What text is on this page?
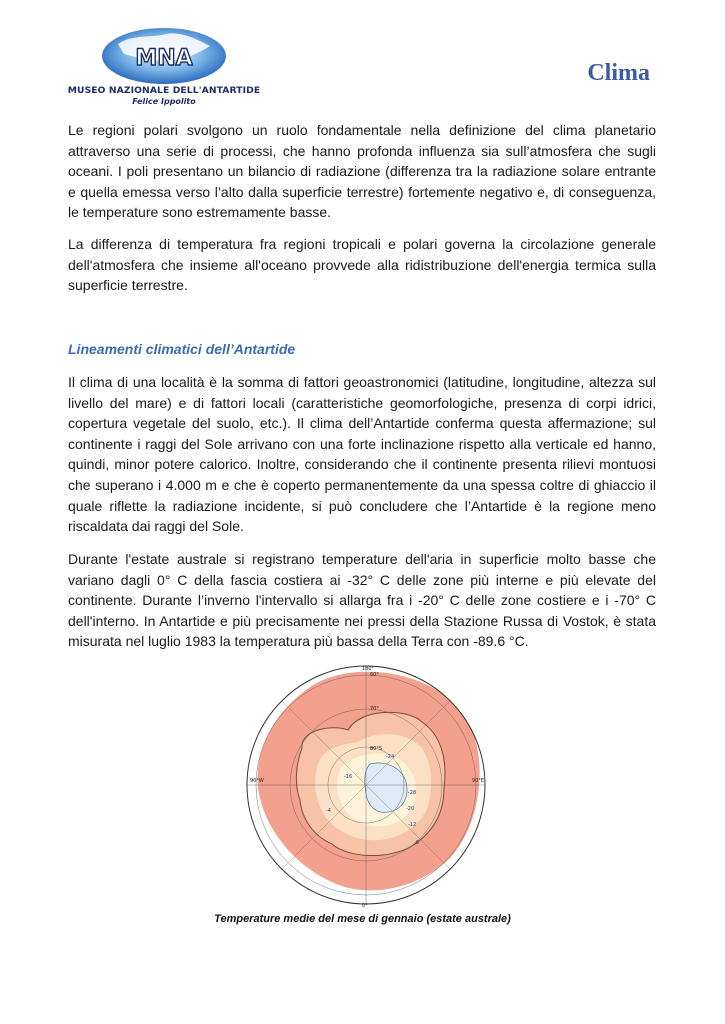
MNA
MUSEO NAZIONALE DELL'ANTARTIDE
Felice Ippolito
Clima

Le regioni polari svolgono un ruolo fondamentale nella definizione del clima planetario attraverso una serie di processi, che hanno profonda influenza sia sull’atmosfera che sugli oceani. I poli presentano un bilancio di radiazione (differenza tra la radiazione solare entrante e quella emessa verso l’alto dalla superficie terrestre) fortemente negativo e, di conseguenza, le temperature sono estremamente basse.

La differenza di temperatura fra regioni tropicali e polari governa la circolazione generale dell'atmosfera che insieme all'oceano provvede alla ridistribuzione dell'energia termica sulla superficie terrestre.

Lineamenti climatici dell’Antartide

Il clima di una località è la somma di fattori geoastronomici (latitudine, longitudine, altezza sul livello del mare) e di fattori locali (caratteristiche geomorfologiche, presenza di corpi idrici, copertura vegetale del suolo, etc.). Il clima dell’Antartide conferma questa affermazione; sul continente i raggi del Sole arrivano con una forte inclinazione rispetto alla verticale ed hanno, quindi, minor potere calorico. Inoltre, considerando che il continente presenta rilievi montuosi che superano i 4.000 m e che è coperto permanentemente da una spessa coltre di ghiaccio il quale riflette la radiazione incidente, si può concludere che l’Antartide è la regione meno riscaldata dai raggi del Sole.

Durante l'estate australe si registrano temperature dell'aria in superficie molto basse che variano dagli 0° C della fascia costiera ai -32° C delle zone più interne e più elevate del continente. Durante l’inverno l'intervallo si allarga fra i -20° C delle zone costiere e i -70° C dell'interno. In Antartide e più precisamente nei pressi della Stazione Russa di Vostok, è stata misurata nel luglio 1983 la temperatura più bassa della Terra con -89.6 °C.

80°S
70°
60°
0°
90°E
90°W
180°
-28
-20
-12
-8
-4
-16
-24

Temperature medie del mese di gennaio (estate australe)
